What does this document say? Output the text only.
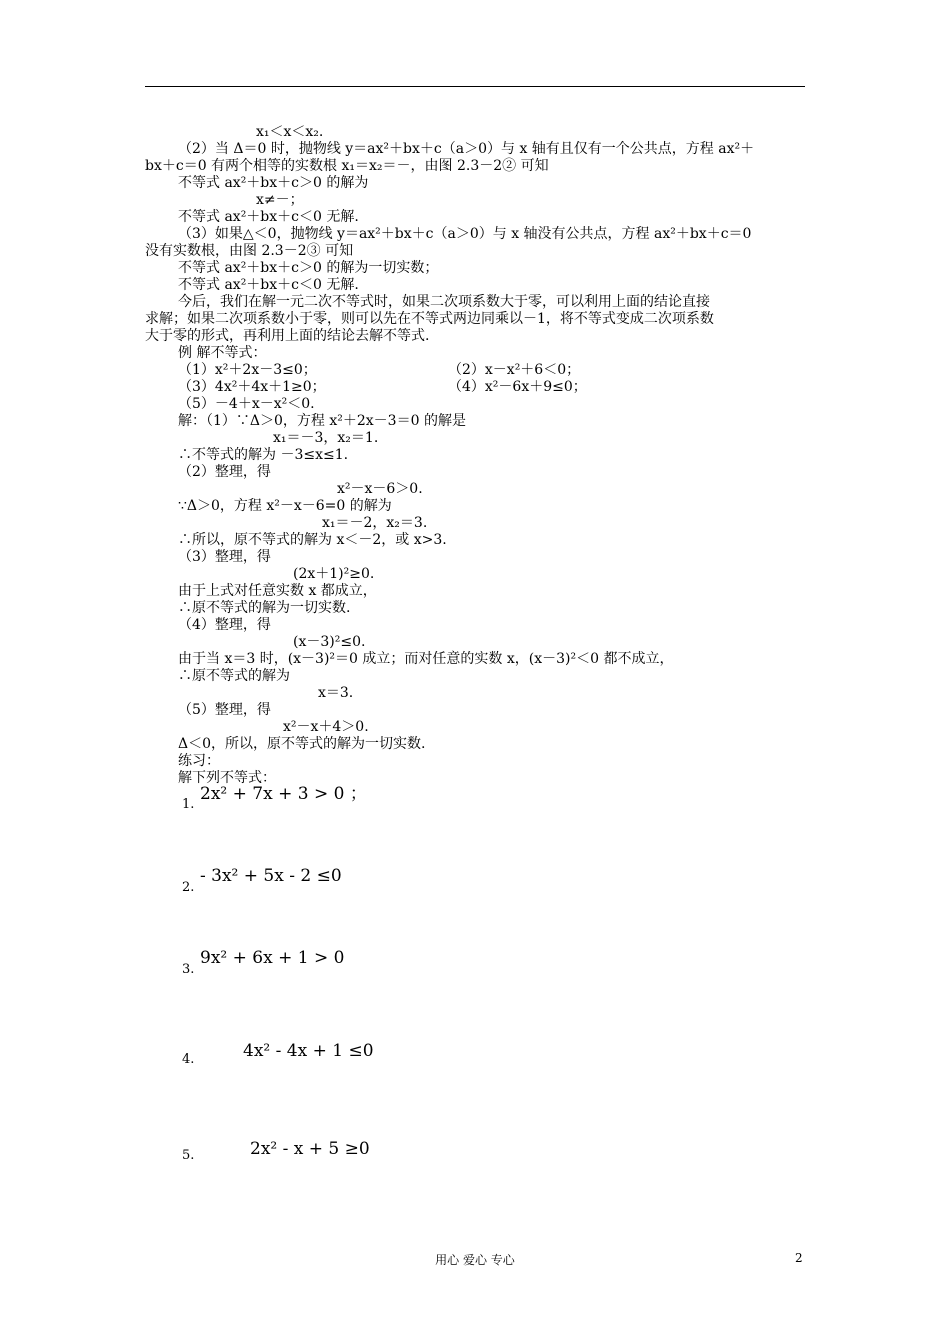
x₁＜x＜x₂.
（2）当 Δ＝0 时，抛物线 y＝ax²＋bx＋c（a＞0）与 x 轴有且仅有一个公共点，方程 ax²＋
bx＋c＝0 有两个相等的实数根 x₁＝x₂＝－，由图 2.3－2② 可知
不等式 ax²＋bx＋c＞0 的解为
x≠－；
不等式 ax²＋bx＋c＜0 无解.
（3）如果△＜0，抛物线 y＝ax²＋bx＋c（a＞0）与 x 轴没有公共点，方程 ax²＋bx＋c＝0
没有实数根，由图 2.3－2③ 可知
不等式 ax²＋bx＋c＞0 的解为一切实数；
不等式 ax²＋bx＋c＜0 无解.
今后，我们在解一元二次不等式时，如果二次项系数大于零，可以利用上面的结论直接
求解；如果二次项系数小于零，则可以先在不等式两边同乘以－1，将不等式变成二次项系数
大于零的形式，再利用上面的结论去解不等式.
例 解不等式：
（1）x²＋2x－3≤0；	（2）x－x²＋6＜0；
（3）4x²＋4x＋1≥0；	（4）x²－6x＋9≤0；
（5）－4＋x－x²＜0.
解：（1）∵Δ＞0，方程 x²＋2x－3＝0 的解是
x₁＝－3，x₂＝1.
∴不等式的解为 －3≤x≤1.
（2）整理，得
x²－x－6＞0.
∵Δ＞0，方程 x²－x－6=0 的解为
x₁＝－2，x₂＝3.
∴所以，原不等式的解为 x＜－2，或 x>3.
（3）整理，得
(2x＋1)²≥0.
由于上式对任意实数 x 都成立，
∴原不等式的解为一切实数.
（4）整理，得
(x－3)²≤0.
由于当 x＝3 时，(x－3)²＝0 成立；而对任意的实数 x，(x－3)²＜0 都不成立，
∴原不等式的解为
x＝3.
（5）整理，得
x²－x＋4＞0.
Δ＜0，所以，原不等式的解为一切实数.
练习：
解下列不等式：
1.
2x² + 7x + 3 > 0 ；
2.
- 3x² + 5x - 2 ≤0
3.
9x² + 6x + 1 > 0
4.	4x² - 4x + 1 ≤0
5.	2x² - x + 5 ≥0
用心 爱心 专心	2
